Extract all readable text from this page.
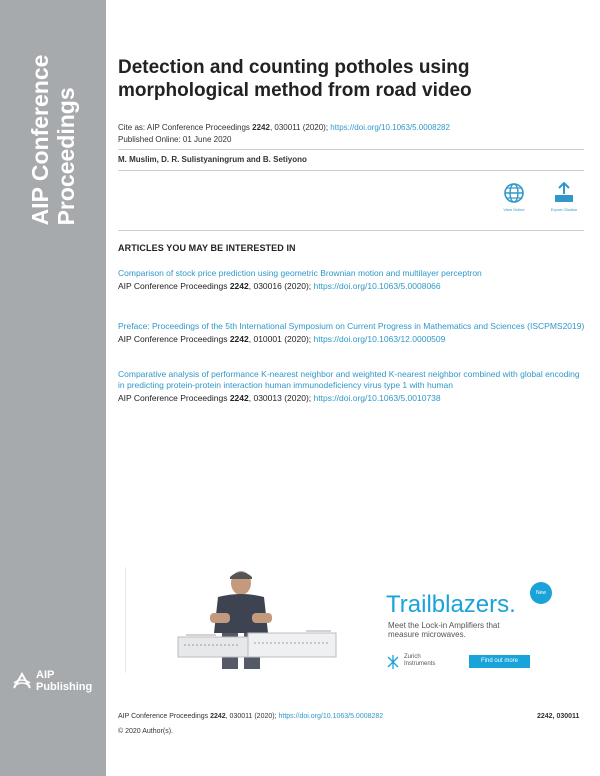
AIP Conference Proceedings
AIP
Publishing
Detection and counting potholes using morphological method from road video
Cite as: AIP Conference Proceedings 2242, 030011 (2020); https://doi.org/10.1063/5.0008282
Published Online: 01 June 2020
M. Muslim, D. R. Sulistyaningrum and B. Setiyono
View Online	Export Citation
ARTICLES YOU MAY BE INTERESTED IN
Comparison of stock price prediction using geometric Brownian motion and multilayer perceptron
AIP Conference Proceedings 2242, 030016 (2020); https://doi.org/10.1063/5.0008066
Preface: Proceedings of the 5th International Symposium on Current Progress in Mathematics and Sciences (ISCPMS2019)
AIP Conference Proceedings 2242, 010001 (2020); https://doi.org/10.1063/12.0000509
Comparative analysis of performance K-nearest neighbor and weighted K-nearest neighbor combined with global encoding in predicting protein-protein interaction human immunodeficiency virus type 1 with human
AIP Conference Proceedings 2242, 030013 (2020); https://doi.org/10.1063/5.0010738
New
Trailblazers.
Meet the Lock-in Amplifiers that
measure microwaves.
Zurich
Instruments	Find out more
AIP Conference Proceedings 2242, 030011 (2020); https://doi.org/10.1063/5.0008282	2242, 030011
© 2020 Author(s).
